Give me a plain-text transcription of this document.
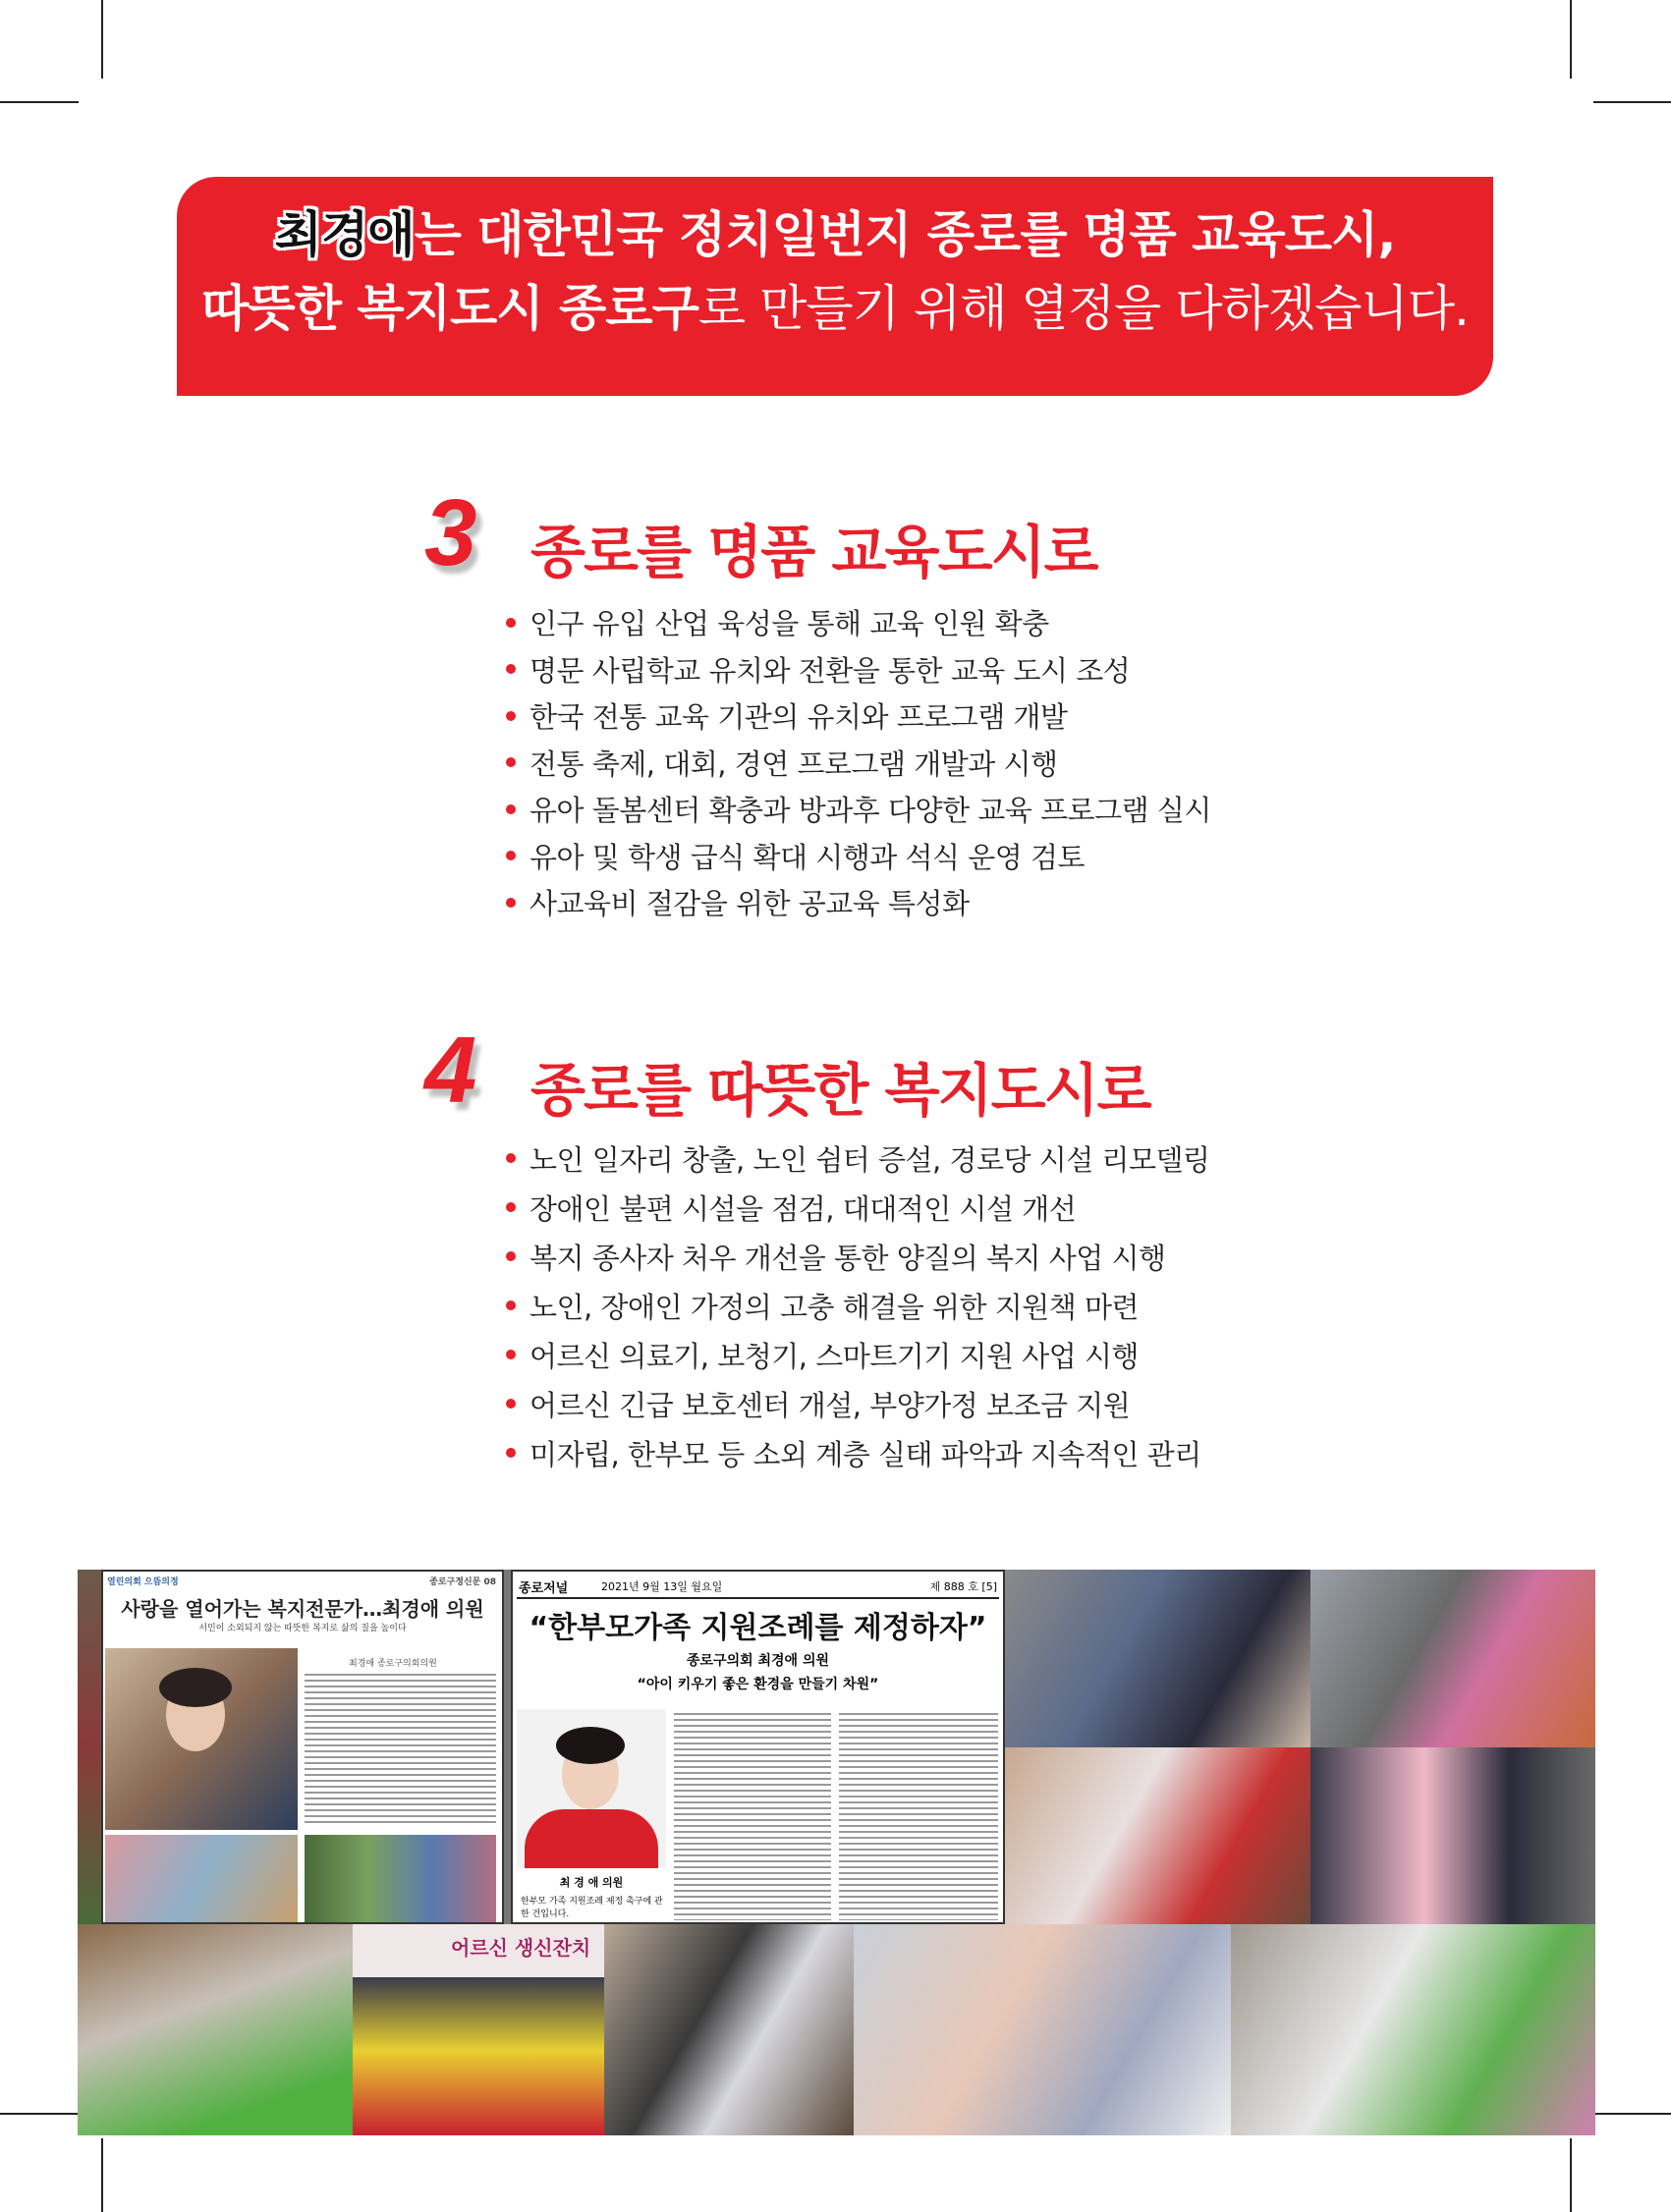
최경애는 대한민국 정치일번지 종로를 명품 교육도시,
따뜻한 복지도시 종로구로 만들기 위해 열정을 다하겠습니다.
3 종로를 명품 교육도시로
인구 유입 산업 육성을 통해 교육 인원 확충
명문 사립학교 유치와 전환을 통한 교육 도시 조성
한국 전통 교육 기관의 유치와 프로그램 개발
전통 축제, 대회, 경연 프로그램 개발과 시행
유아 돌봄센터 확충과 방과후 다양한 교육 프로그램 실시
유아 및 학생 급식 확대 시행과 석식 운영 검토
사교육비 절감을 위한 공교육 특성화
4 종로를 따뜻한 복지도시로
노인 일자리 창출, 노인 쉼터 증설, 경로당 시설 리모델링
장애인 불편 시설을 점검, 대대적인 시설 개선
복지 종사자 처우 개선을 통한 양질의 복지 사업 시행
노인, 장애인 가정의 고충 해결을 위한 지원책 마련
어르신 의료기, 보청기, 스마트기기 지원 사업 시행
어르신 긴급 보호센터 개설, 부양가정 보조금 지원
미자립, 한부모 등 소외 계층 실태 파악과 지속적인 관리
열린의회 으뜸의정	종로구정신문 08
사랑을 열어가는 복지전문가…최경애 의원
서민이 소외되지 않는 따뜻한 복지로 삶의 질을 높이다
최경애 종로구의회의원
종로저널	2021년 9월 13일 월요일	제 888 호 [5]
“한부모가족 지원조례를 제정하자”
종로구의회 최경애 의원
“아이 키우기 좋은 환경을 만들기 차원”
최 경 애 의원
한부모 가족 지원조례 제정 촉구에 관한 건입니다.
어르신 생신잔치
